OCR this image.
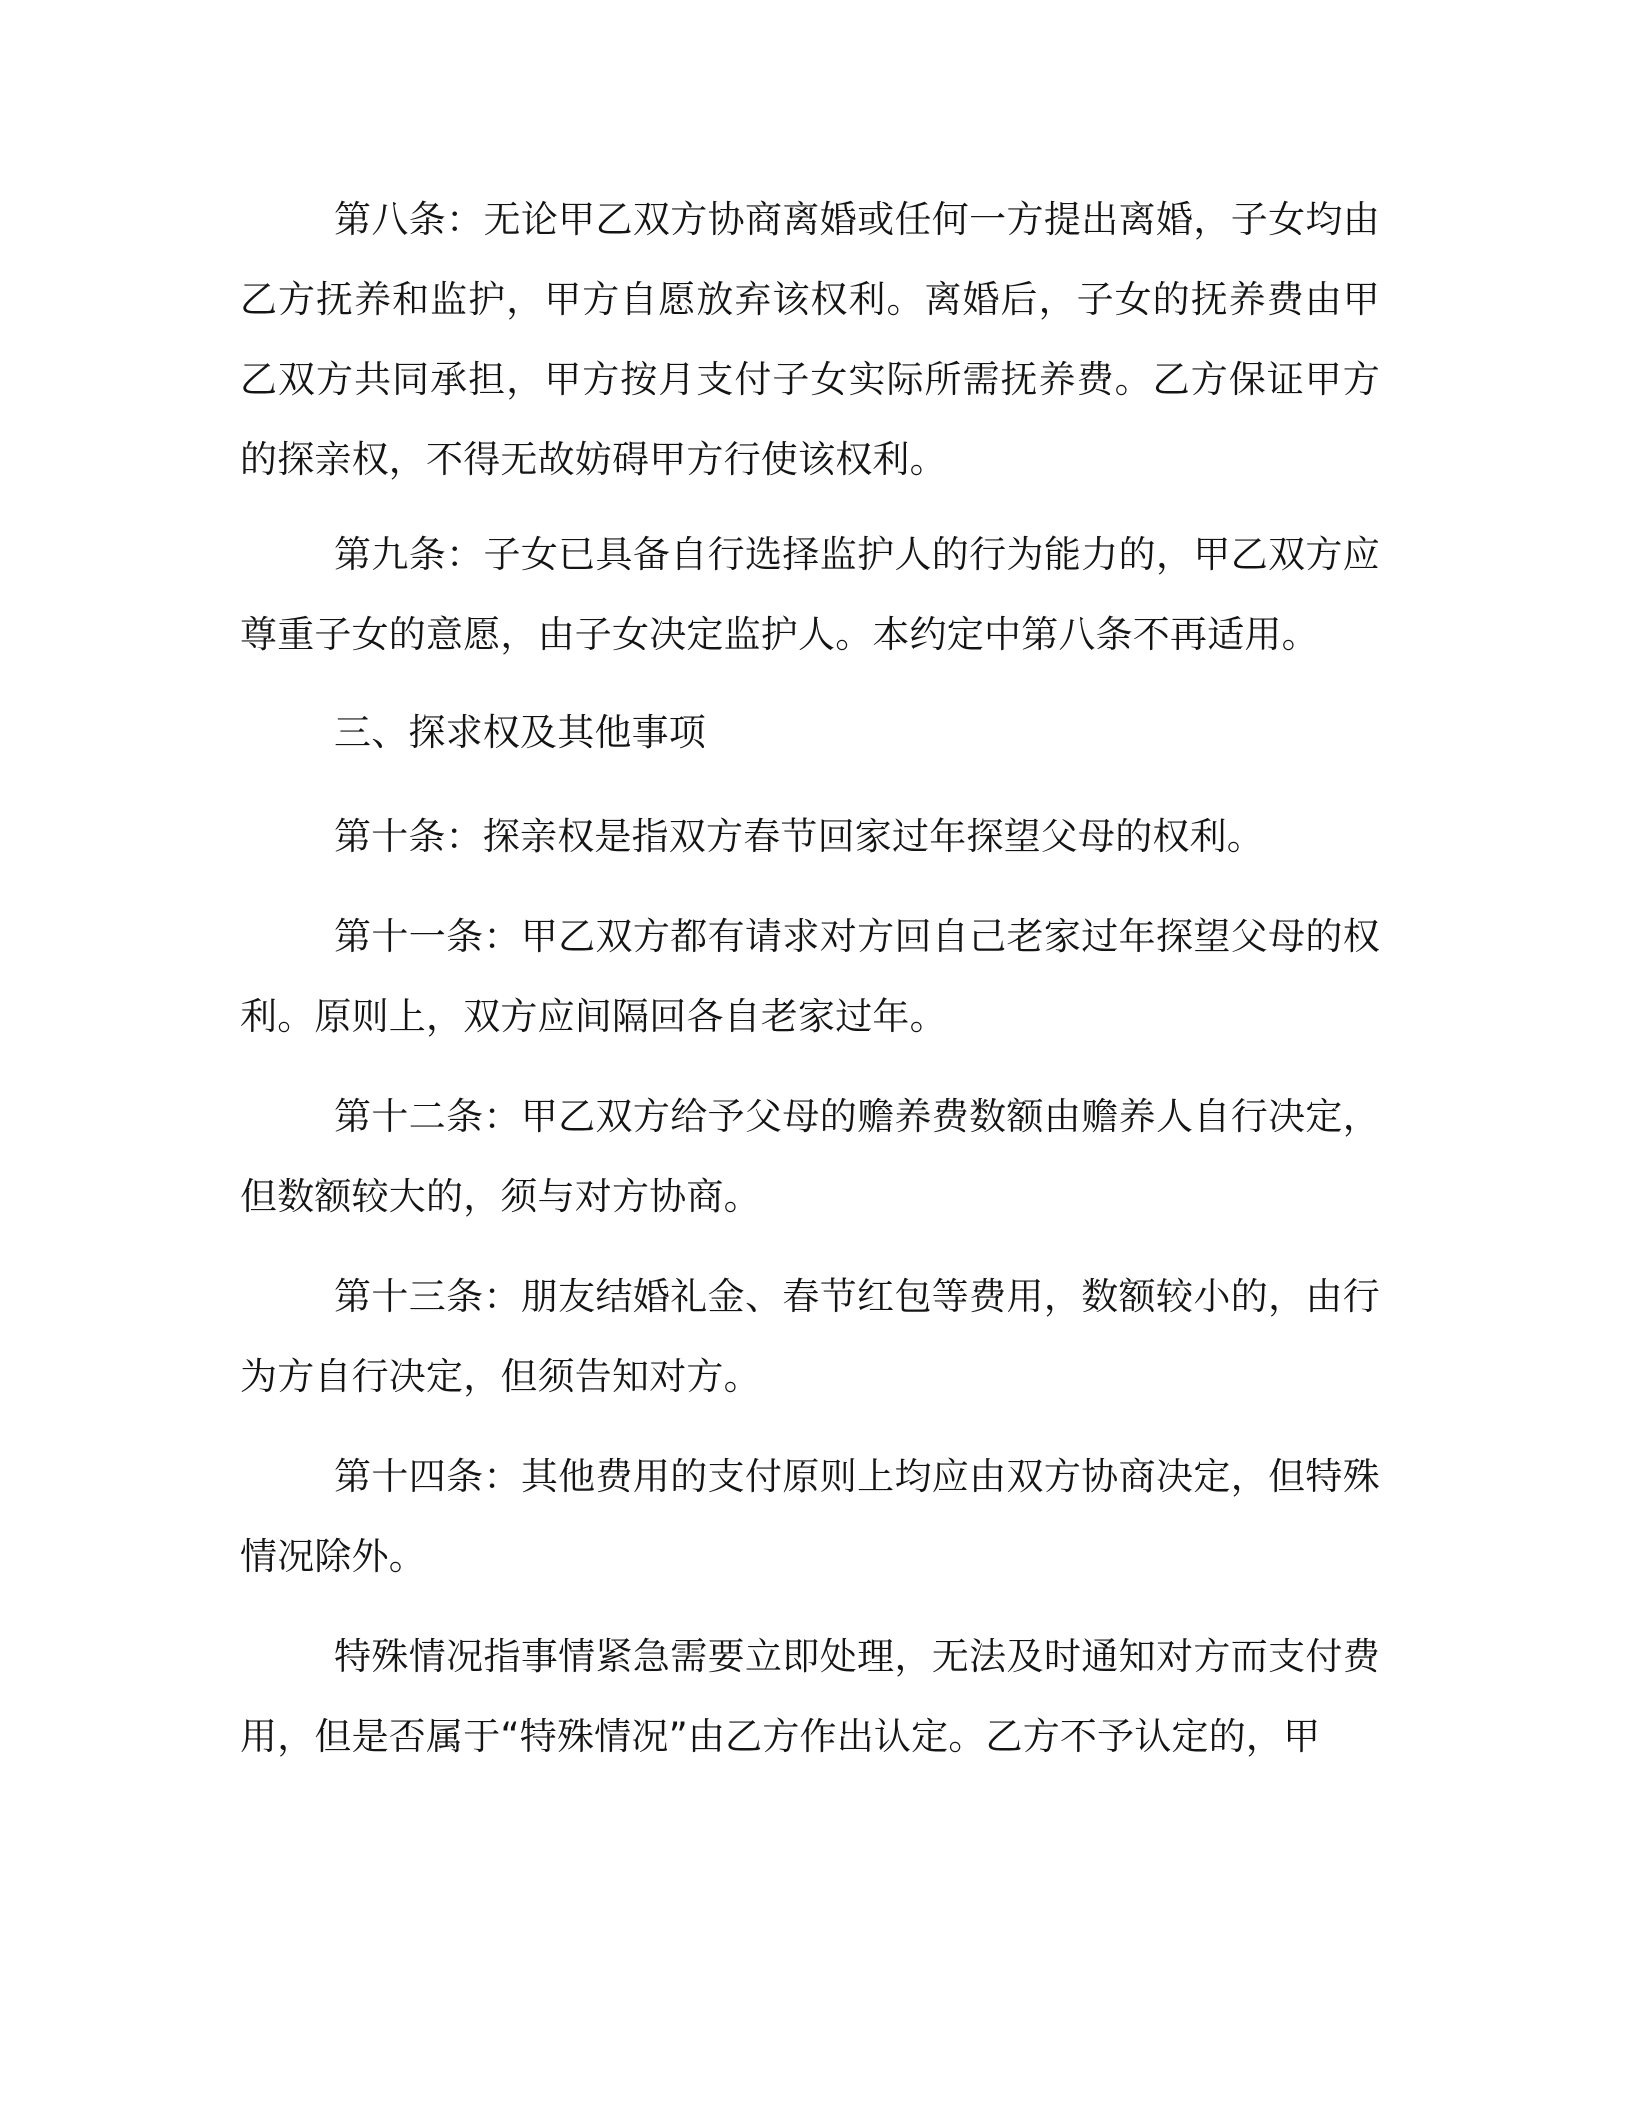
第八条：无论甲乙双方协商离婚或任何一方提出离婚，子女均由乙方抚养和监护，甲方自愿放弃该权利。离婚后，子女的抚养费由甲乙双方共同承担，甲方按月支付子女实际所需抚养费。乙方保证甲方的探亲权，不得无故妨碍甲方行使该权利。

第九条：子女已具备自行选择监护人的行为能力的，甲乙双方应尊重子女的意愿，由子女决定监护人。本约定中第八条不再适用。

三、探求权及其他事项

第十条：探亲权是指双方春节回家过年探望父母的权利。

第十一条：甲乙双方都有请求对方回自己老家过年探望父母的权利。原则上，双方应间隔回各自老家过年。

第十二条：甲乙双方给予父母的赡养费数额由赡养人自行决定，但数额较大的，须与对方协商。

第十三条：朋友结婚礼金、春节红包等费用，数额较小的，由行为方自行决定，但须告知对方。

第十四条：其他费用的支付原则上均应由双方协商决定，但特殊情况除外。

特殊情况指事情紧急需要立即处理，无法及时通知对方而支付费用，但是否属于“特殊情况”由乙方作出认定。乙方不予认定的，甲
